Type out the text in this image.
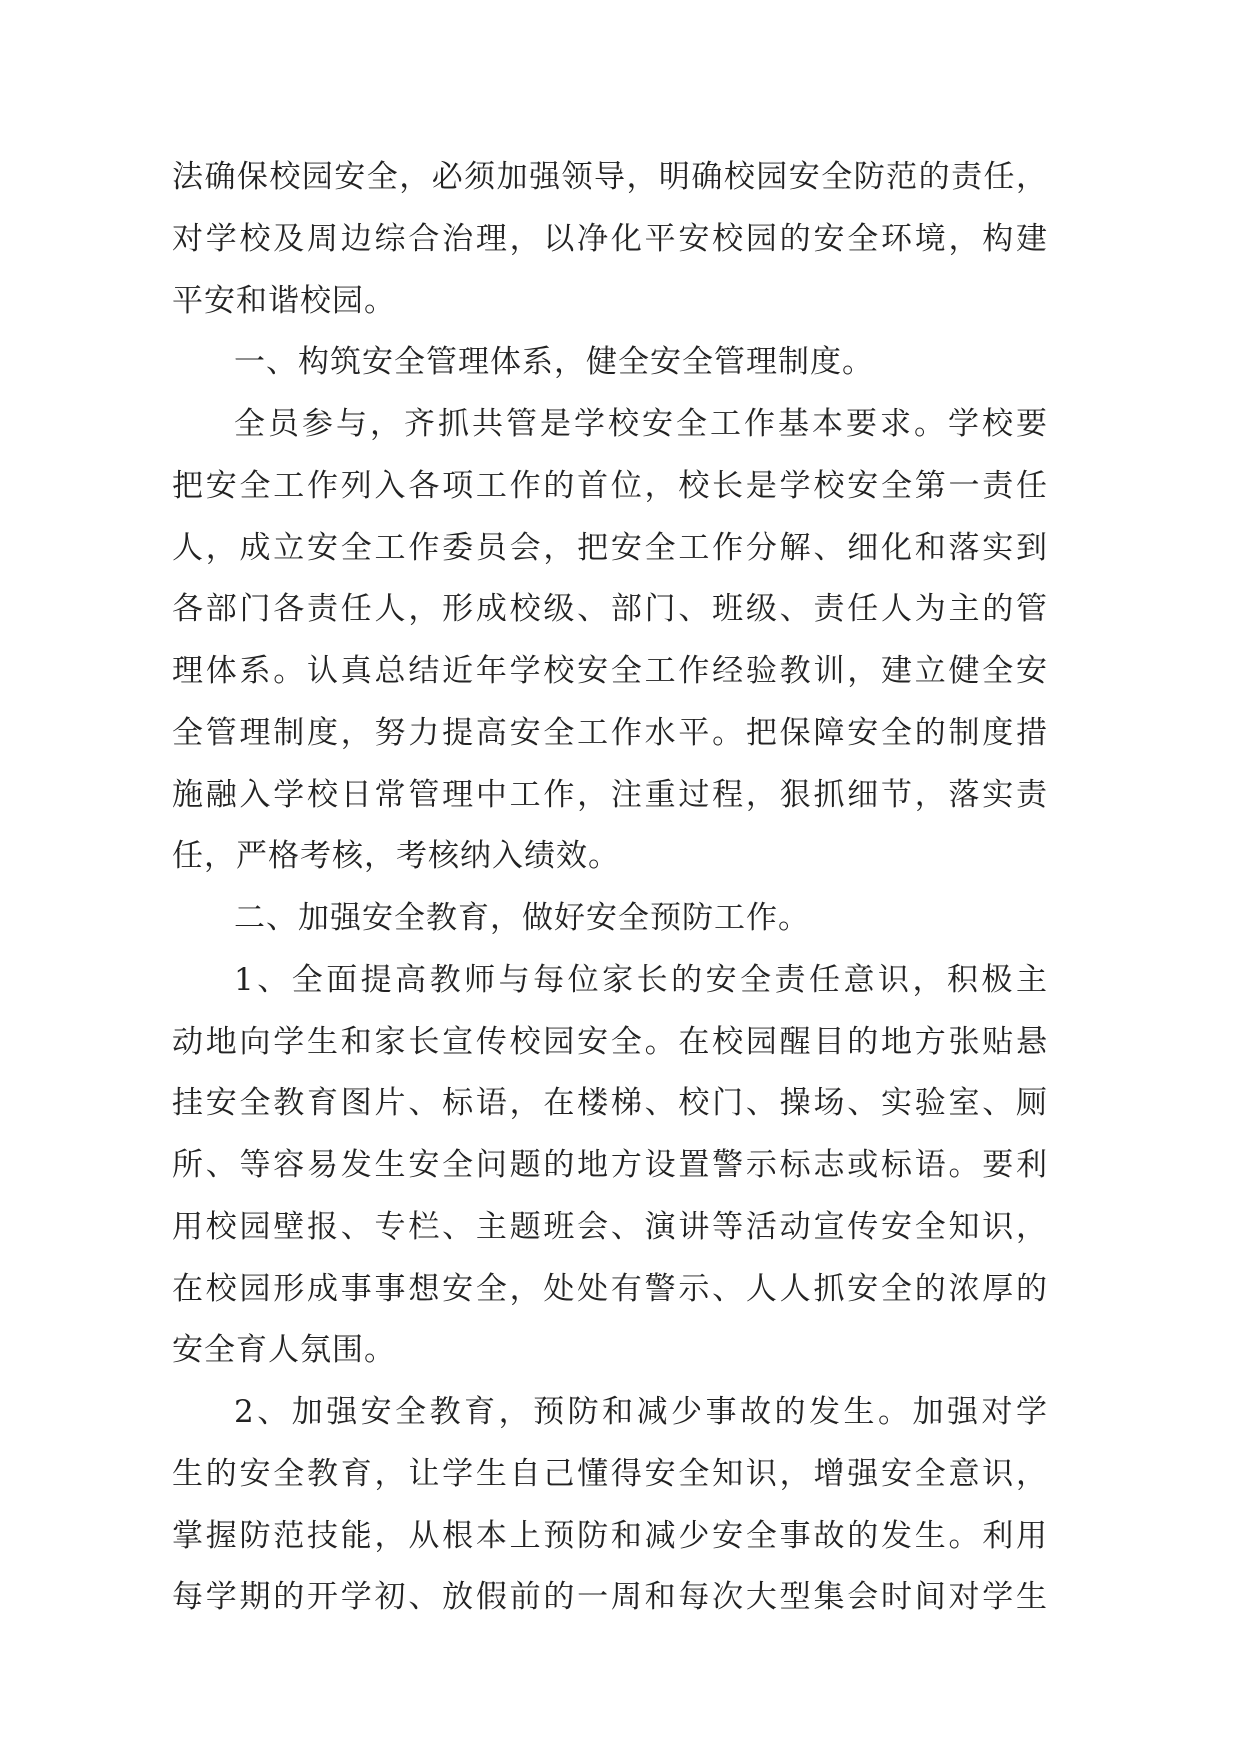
法确保校园安全，必须加强领导，明确校园安全防范的责任，
对学校及周边综合治理，以净化平安校园的安全环境，构建
平安和谐校园。
一、构筑安全管理体系，健全安全管理制度。
全员参与，齐抓共管是学校安全工作基本要求。学校要
把安全工作列入各项工作的首位，校长是学校安全第一责任
人，成立安全工作委员会，把安全工作分解、细化和落实到
各部门各责任人，形成校级、部门、班级、责任人为主的管
理体系。认真总结近年学校安全工作经验教训，建立健全安
全管理制度，努力提高安全工作水平。把保障安全的制度措
施融入学校日常管理中工作，注重过程，狠抓细节，落实责
任，严格考核，考核纳入绩效。
二、加强安全教育，做好安全预防工作。
1、全面提高教师与每位家长的安全责任意识，积极主
动地向学生和家长宣传校园安全。在校园醒目的地方张贴悬
挂安全教育图片、标语，在楼梯、校门、操场、实验室、厕
所、等容易发生安全问题的地方设置警示标志或标语。要利
用校园壁报、专栏、主题班会、演讲等活动宣传安全知识，
在校园形成事事想安全，处处有警示、人人抓安全的浓厚的
安全育人氛围。
2、加强安全教育，预防和减少事故的发生。加强对学
生的安全教育，让学生自己懂得安全知识，增强安全意识，
掌握防范技能，从根本上预防和减少安全事故的发生。利用
每学期的开学初、放假前的一周和每次大型集会时间对学生
